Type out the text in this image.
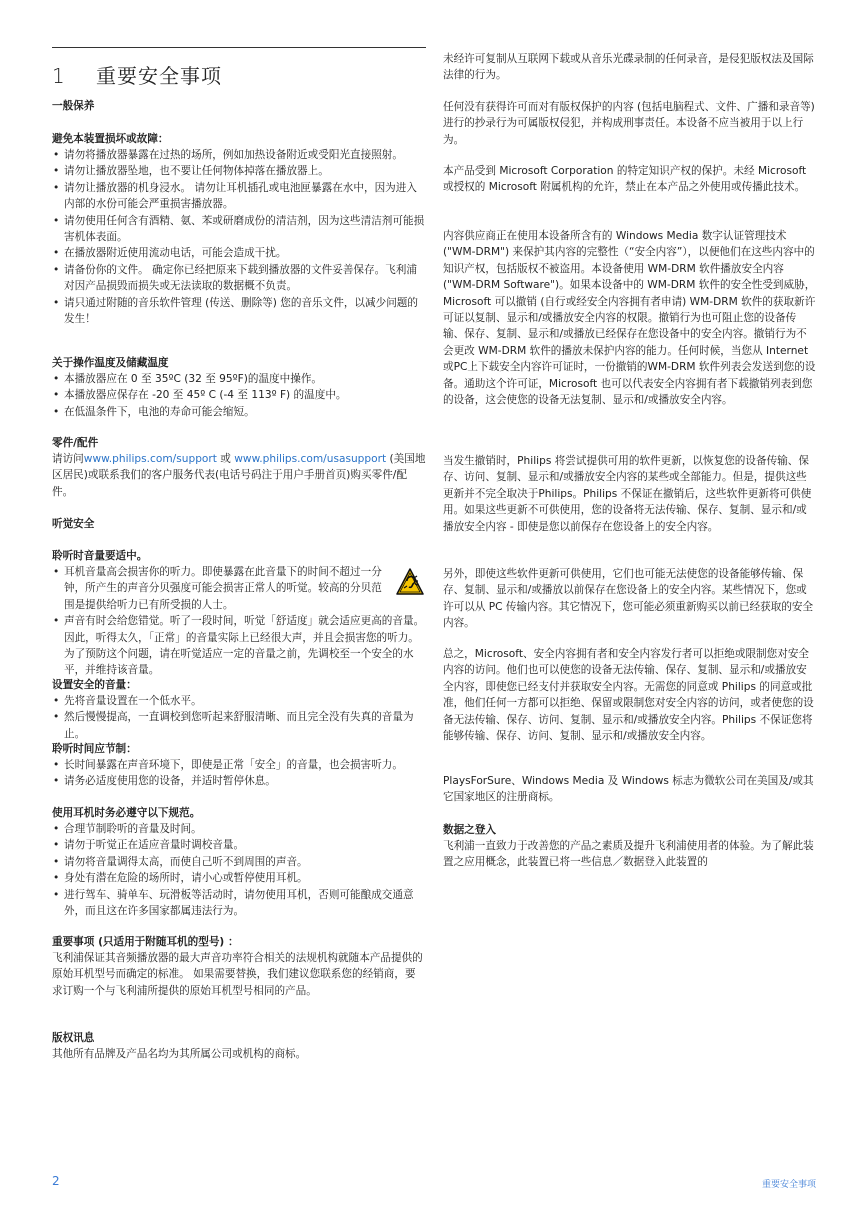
1 重要安全事项
一般保养
避免本装置损坏或故障：
• 请勿将播放器暴露在过热的场所，例如加热设备附近或受阳光直接照射。
• 请勿让播放器坠地，也不要让任何物体掉落在播放器上。
• 请勿让播放器的机身浸水。 请勿让耳机插孔或电池匣暴露在水中，因为进入内部的水份可能会严重损害播放器。
• 请勿使用任何含有酒精、氨、苯或研磨成份的清洁剂，因为这些清洁剂可能损害机体表面。
• 在播放器附近使用流动电话，可能会造成干扰。
• 请备份你的文件。 确定你已经把原来下载到播放器的文件妥善保存。飞利浦对因产品损毁而损失或无法读取的数据概不负责。
• 请只通过附随的音乐软件管理 (传送、删除等) 您的音乐文件，以减少问题的发生！
关于操作温度及储藏温度
• 本播放器应在 0 至 35ºC (32 至 95ºF)的温度中操作。
• 本播放器应保存在 -20 至 45º C (-4 至 113º F) 的温度中。
• 在低温条件下，电池的寿命可能会缩短。
零件/配件

请访问www.philips.com/support 或 www.philips.com/usasupport (美国地区居民)或联系我们的客户服务代表(电话号码注于用户手册首页)购买零件/配件。

听觉安全
聆听时音量要适中。
• 耳机音量高会损害你的听力。即使暴露在此音量下的时间不超过一分钟，所产生的声音分贝强度可能会损害正常人的听觉。较高的分贝范围是提供给听力已有所受损的人士。
• 声音有时会给您错觉。听了一段时间，听觉「舒适度」就会适应更高的音量。因此，听得太久，「正常」的音量实际上已经很大声，并且会损害您的听力。为了预防这个问题，请在听觉适应一定的音量之前，先调校至一个安全的水平，并维持该音量。
设置安全的音量：
• 先将音量设置在一个低水平。
• 然后慢慢提高，一直调校到您听起来舒服清晰、而且完全没有失真的音量为止。
聆听时间应节制：
• 长时间暴露在声音环境下，即使是正常「安全」的音量，也会损害听力。
• 请务必适度使用您的设备，并适时暂停休息。
使用耳机时务必遵守以下规范。
• 合理节制聆听的音量及时间。
• 请勿于听觉正在适应音量时调校音量。
• 请勿将音量调得太高，而使自己听不到周围的声音。
• 身处有潜在危险的场所时，请小心或暂停使用耳机。
• 进行驾车、骑单车、玩滑板等活动时，请勿使用耳机，否则可能酿成交通意外，而且这在许多国家都属违法行为。
重要事项 (只适用于附随耳机的型号) ：

飞利浦保证其音频播放器的最大声音功率符合相关的法规机构就随本产品提供的原始耳机型号而确定的标准。 如果需要替换，我们建议您联系您的经销商，要求订购一个与飞利浦所提供的原始耳机型号相同的产品。

版权讯息

其他所有品牌及产品名均为其所属公司或机构的商标。

未经许可复制从互联网下载或从音乐光碟录制的任何录音，是侵犯版权法及国际法律的行为。

任何没有获得许可而对有版权保护的内容 (包括电脑程式、文件、广播和录音等) 进行的抄录行为可属版权侵犯，并构成刑事责任。本设备不应当被用于以上行为。

本产品受到 Microsoft Corporation 的特定知识产权的保护。未经 Microsoft 或授权的 Microsoft 附属机构的允许，禁止在本产品之外使用或传播此技术。

内容供应商正在使用本设备所含有的 Windows Media 数字认证管理技术 ("WM-DRM") 来保护其内容的完整性（“安全内容”），以便他们在这些内容中的知识产权，包括版权不被盗用。本设备使用 WM-DRM 软件播放安全内容 ("WM-DRM Software")。如果本设备中的 WM-DRM 软件的安全性受到威胁，Microsoft 可以撤销 (自行或经安全内容拥有者申请) WM-DRM 软件的获取新许可证以复制、显示和/或播放安全内容的权限。撤销行为也可阻止您的设备传输、保存、复制、显示和/或播放已经保存在您设备中的安全内容。撤销行为不会更改 WM-DRM 软件的播放未保护内容的能力。任何时候，当您从 Internet 或PC上下载安全内容许可证时，一份撤销的WM-DRM 软件列表会发送到您的设备。通助这个许可证，Microsoft 也可以代表安全内容拥有者下载撤销列表到您的设备，这会使您的设备无法复制、显示和/或播放安全内容。

当发生撤销时，Philips 将尝试提供可用的软件更新，以恢复您的设备传输、保存、访问、复制、显示和/或播放安全内容的某些或全部能力。但是，提供这些更新并不完全取决于Philips。Philips 不保证在撤销后，这些软件更新将可供使用。如果这些更新不可供使用，您的设备将无法传输、保存、复制、显示和/或播放安全内容 - 即使是您以前保存在您设备上的安全内容。

另外，即使这些软件更新可供使用，它们也可能无法使您的设备能够传输、保存、复制、显示和/或播放以前保存在您设备上的安全内容。某些情况下，您或许可以从 PC 传输内容。其它情况下，您可能必须重新购买以前已经获取的安全内容。

总之，Microsoft、安全内容拥有者和安全内容发行者可以拒绝或限制您对安全内容的访问。他们也可以使您的设备无法传输、保存、复制、显示和/或播放安全内容，即使您已经支付并获取安全内容。无需您的同意或 Philips 的同意或批准，他们任何一方都可以拒绝、保留或限制您对安全内容的访问，或者使您的设备无法传输、保存、访问、复制、显示和/或播放安全内容。Philips 不保证您将能够传输、保存、访问、复制、显示和/或播放安全内容。

PlaysForSure、Windows Media 及 Windows 标志为微软公司在美国及/或其它国家地区的注册商标。

数据之登入

飞利浦一直致力于改善您的产品之素质及提升飞利浦使用者的体验。为了解此装置之应用概念，此装置已将一些信息／数据登入此装置的

2	重要安全事项
